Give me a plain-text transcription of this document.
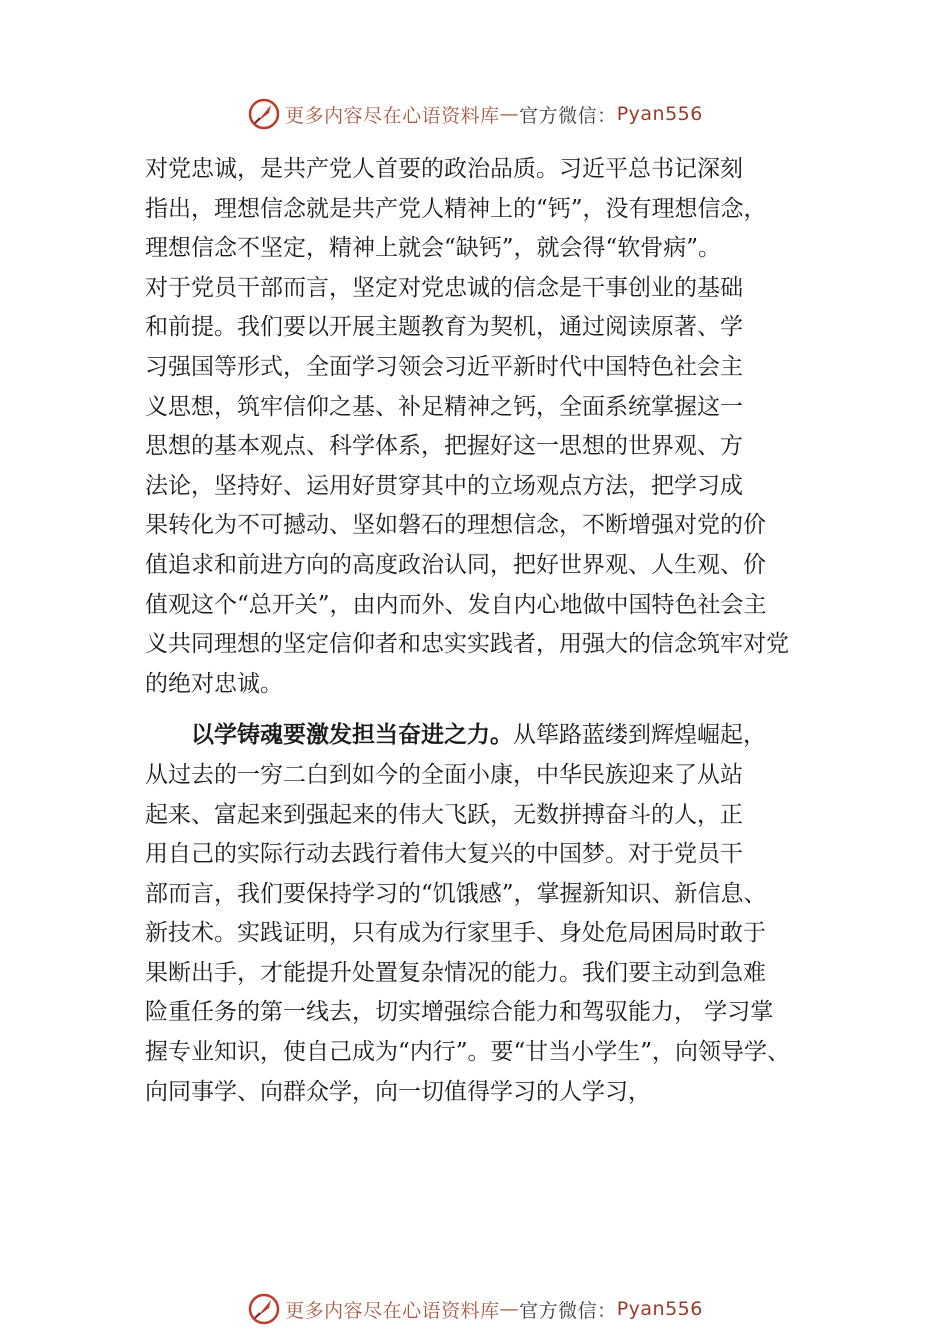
更多内容尽在心语资料库 — 官方微信： Pyan556

对党忠诚，是共产党人首要的政治品质。习近平总书记深刻
指出，理想信念就是共产党人精神上的“钙”，没有理想信念，
理想信念不坚定，精神上就会“缺钙”，就会得“软骨病”。
对于党员干部而言，坚定对党忠诚的信念是干事创业的基础
和前提。我们要以开展主题教育为契机，通过阅读原著、学
习强国等形式，全面学习领会习近平新时代中国特色社会主
义思想，筑牢信仰之基、补足精神之钙，全面系统掌握这一
思想的基本观点、科学体系，把握好这一思想的世界观、方
法论，坚持好、运用好贯穿其中的立场观点方法，把学习成
果转化为不可撼动、坚如磐石的理想信念，不断增强对党的价
值追求和前进方向的高度政治认同，把好世界观、人生观、价
值观这个“总开关”，由内而外、发自内心地做中国特色社会主
义共同理想的坚定信仰者和忠实实践者，用强大的信念筑牢对党
的绝对忠诚。

以学铸魂要激发担当奋进之力。从筚路蓝缕到辉煌崛起，
从过去的一穷二白到如今的全面小康，中华民族迎来了从站
起来、富起来到强起来的伟大飞跃，无数拼搏奋斗的人，正
用自己的实际行动去践行着伟大复兴的中国梦。对于党员干
部而言，我们要保持学习的“饥饿感”，掌握新知识、新信息、
新技术。实践证明，只有成为行家里手、身处危局困局时敢于
果断出手，才能提升处置复杂情况的能力。我们要主动到急难
险重任务的第一线去，切实增强综合能力和驾驭能力， 学习掌
握专业知识，使自己成为“内行”。要“甘当小学生”，向领导学、
向同事学、向群众学，向一切值得学习的人学习，

更多内容尽在心语资料库 — 官方微信： Pyan556
